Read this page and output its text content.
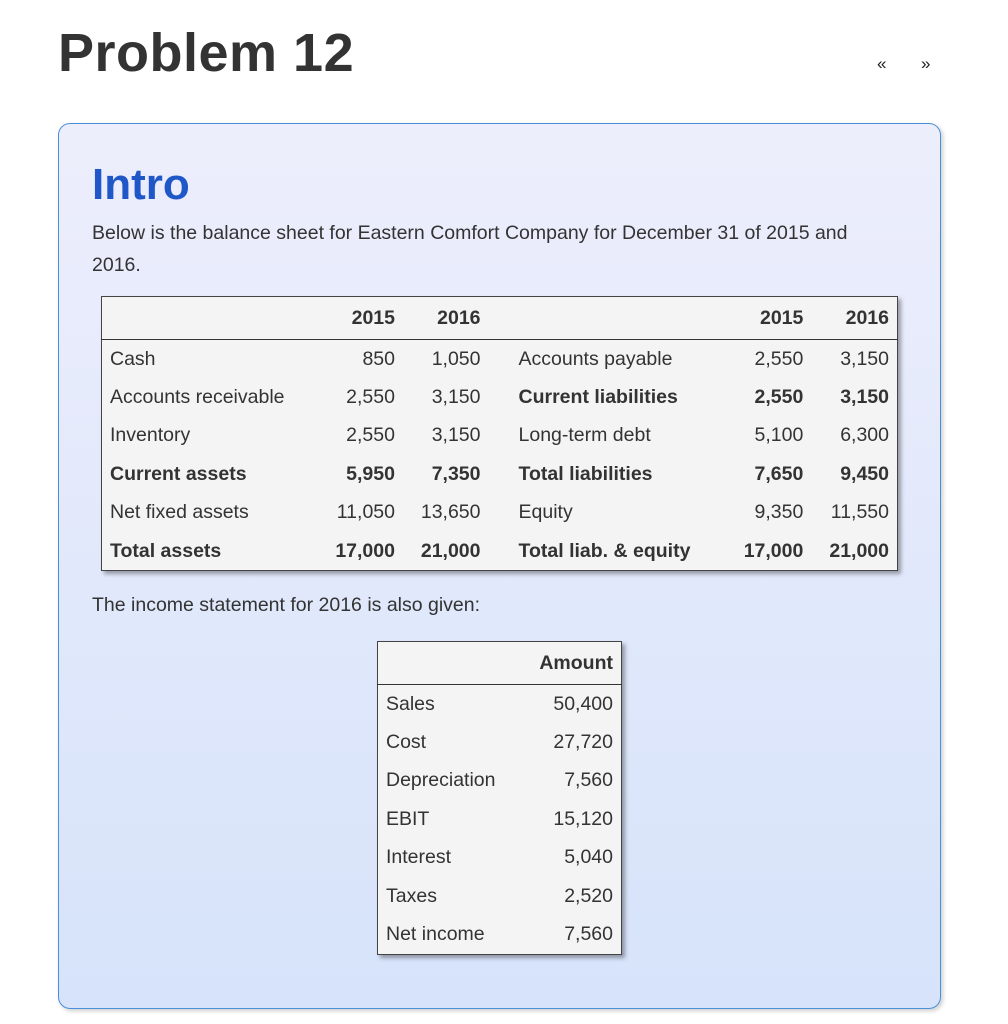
Problem 12	« »
Intro

Below is the balance sheet for Eastern Comfort Company for December 31 of 2015 and 2016.

	2015	2016		2015	2016
Cash	850	1,050	Accounts payable	2,550	3,150
Accounts receivable	2,550	3,150	Current liabilities	2,550	3,150
Inventory	2,550	3,150	Long-term debt	5,100	6,300
Current assets	5,950	7,350	Total liabilities	7,650	9,450
Net fixed assets	11,050	13,650	Equity	9,350	11,550
Total assets	17,000	21,000	Total liab. & equity	17,000	21,000

The income statement for 2016 is also given:

	Amount
Sales	50,400
Cost	27,720
Depreciation	7,560
EBIT	15,120
Interest	5,040
Taxes	2,520
Net income	7,560
